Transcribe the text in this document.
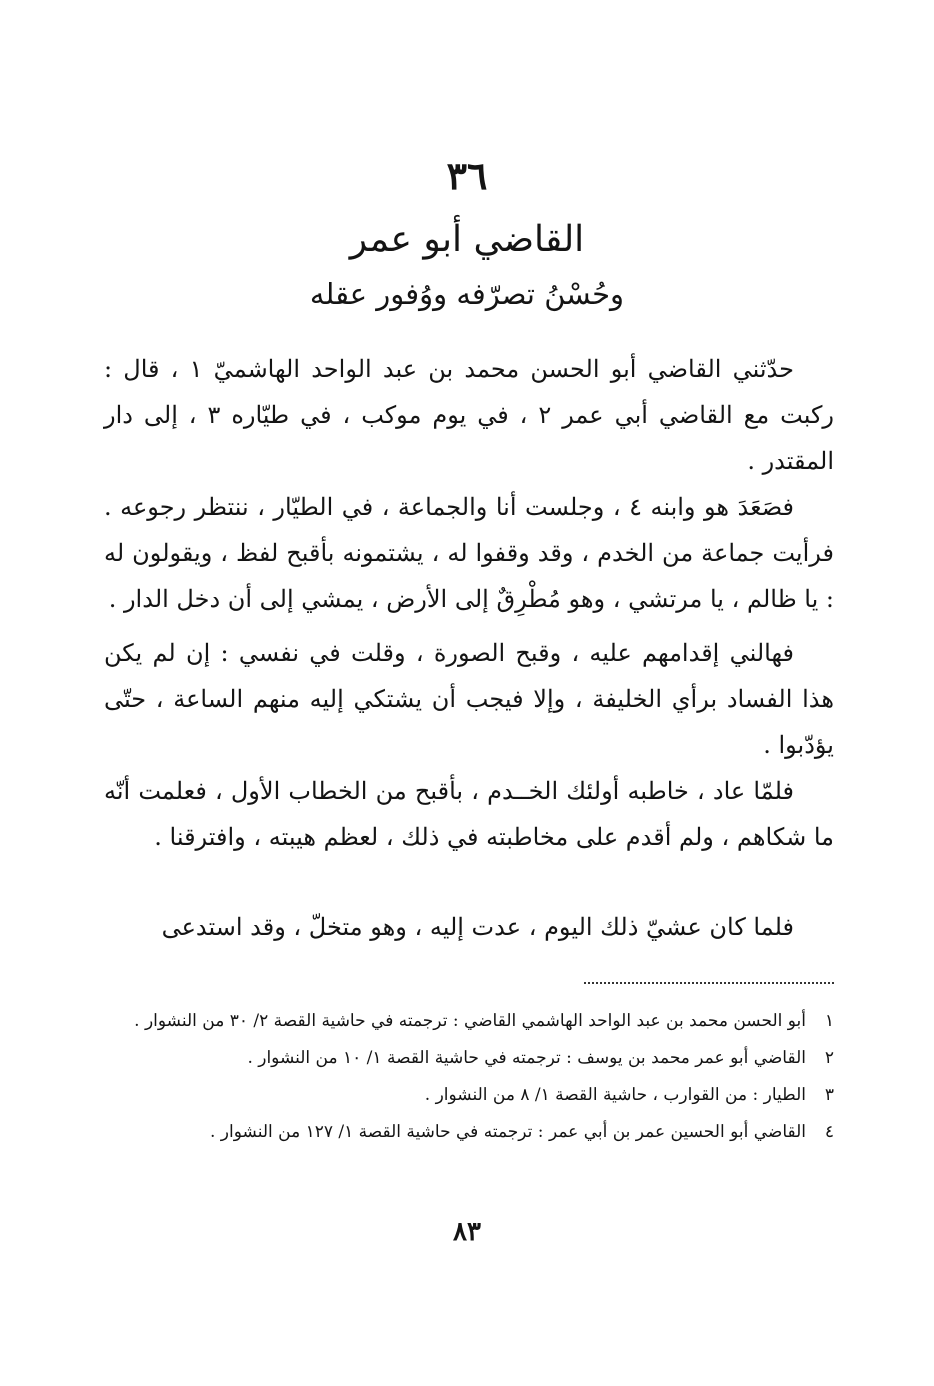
٣٦
القاضي أبو عمر
وحُسْنُ تصرّفه ووُفور عقله

حدّثني القاضي أبو الحسن محمد بن عبد الواحد الهاشميّ ١ ، قال : ركبت مع القاضي أبي عمر ٢ ، في يوم موكب ، في طيّاره ٣ ، إلى دار المقتدر .

فصَعَدَ هو وابنه ٤ ، وجلست أنا والجماعة ، في الطيّار ، ننتظر رجوعه . فرأيت جماعة من الخدم ، وقد وقفوا له ، يشتمونه بأقبح لفظ ، ويقولون له : يا ظالم ، يا مرتشي ، وهو مُطْرِقٌ إلى الأرض ، يمشي إلى أن دخل الدار .

فهالني إقدامهم عليه ، وقبح الصورة ، وقلت في نفسي : إن لم يكن هذا الفساد برأي الخليفة ، وإلا فيجب أن يشتكي إليه منهم الساعة ، حتّى يؤدّبوا .

فلمّا عاد ، خاطبه أولئك الخــدم ، بأقبح من الخطاب الأول ، فعلمت أنّه ما شكاهم ، ولم أقدم على مخاطبته في ذلك ، لعظم هيبته ، وافترقنا .

فلما كان عشيّ ذلك اليوم ، عدت إليه ، وهو متخلّ ، وقد استدعى

١
أبو الحسن محمد بن عبد الواحد الهاشمي القاضي : ترجمته في حاشية القصة ٢/ ٣٠ من النشوار .
٢
القاضي أبو عمر محمد بن يوسف : ترجمته في حاشية القصة ١/ ١٠ من النشوار .
٣
الطيار : من القوارب ، حاشية القصة ١/ ٨ من النشوار .
٤
القاضي أبو الحسين عمر بن أبي عمر : ترجمته في حاشية القصة ١/ ١٢٧ من النشوار .
٨٣
